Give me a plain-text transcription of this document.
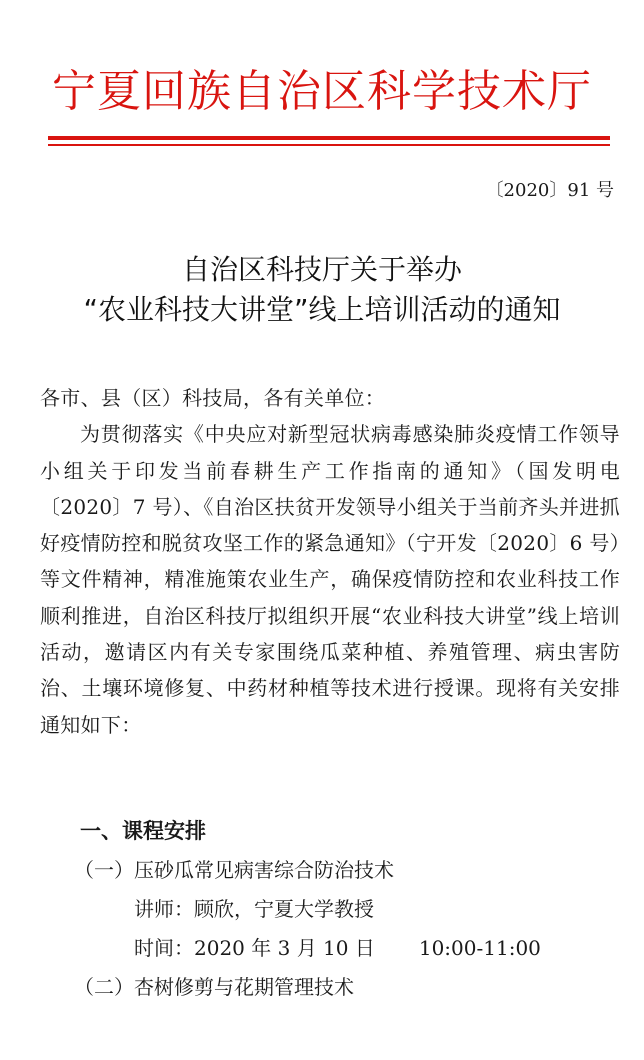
宁夏回族自治区科学技术厅
〔2020〕91 号
自治区科技厅关于举办
“农业科技大讲堂”线上培训活动的通知

各市、县（区）科技局，各有关单位：

为贯彻落实《中央应对新型冠状病毒感染肺炎疫情工作领导小组关于印发当前春耕生产工作指南的通知》（国发明电〔2020〕7 号）、《自治区扶贫开发领导小组关于当前齐头并进抓好疫情防控和脱贫攻坚工作的紧急通知》（宁开发〔2020〕6 号）等文件精神，精准施策农业生产，确保疫情防控和农业科技工作顺利推进，自治区科技厅拟组织开展“农业科技大讲堂”线上培训活动，邀请区内有关专家围绕瓜菜种植、养殖管理、病虫害防治、土壤环境修复、中药材种植等技术进行授课。现将有关安排通知如下：

一、课程安排
（一）压砂瓜常见病害综合防治技术
讲师：顾欣，宁夏大学教授
时间：2020 年 3 月 10 日 10:00-11:00
（二）杏树修剪与花期管理技术
